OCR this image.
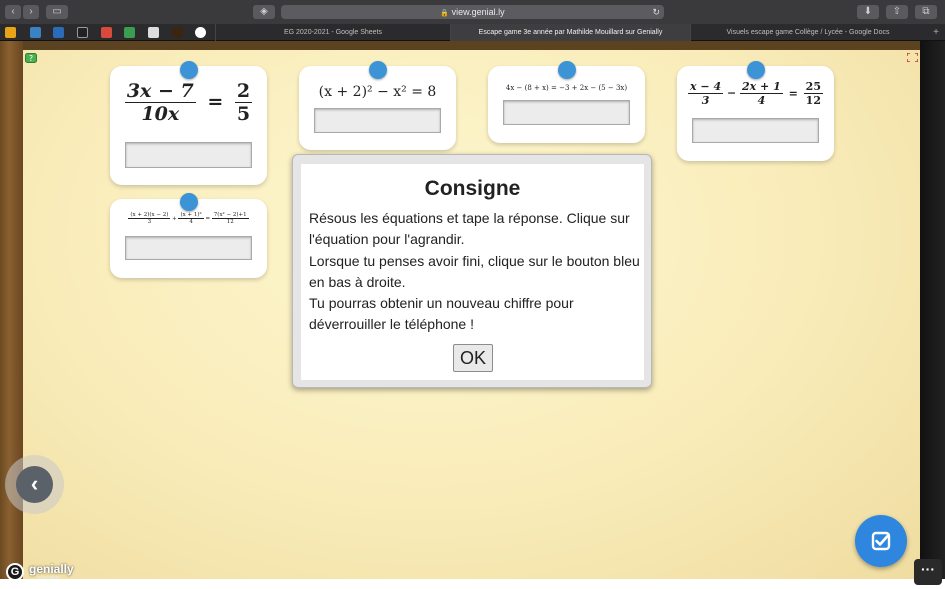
‹	›	▭	◈	🔒 view.genial.ly	↻	⬇	⇧	⧉
EG 2020-2021 - Google Sheets	Escape game 3e année par Mathilde Mouillard sur Genially	Visuels escape game Collège / Lycée - Google Docs	+
?
$\frac{3x - 7}{10x} = \frac{2}{5}$	(x + 2)² − x² = 8	4x − (8 + x) = −3 + 2x − (5 − 3x)	$\frac{x - 4}{3} - \frac{2x + 1}{4} = \frac{25}{12}$
$\frac{(x + 2)(x - 2)}{3} + \frac{\text{(x + 1)²}}{4} = \frac{\text{7(x² − 2)+1}}{12}$
Consigne

Résous les équations et tape la réponse. Clique sur l'équation pour l'agrandir.

Lorsque tu penses avoir fini, clique sur le bouton bleu en bas à droite.

Tu pourras obtenir un nouveau chiffre pour déverrouiller le téléphone !

OK
‹
···
G genially
education
